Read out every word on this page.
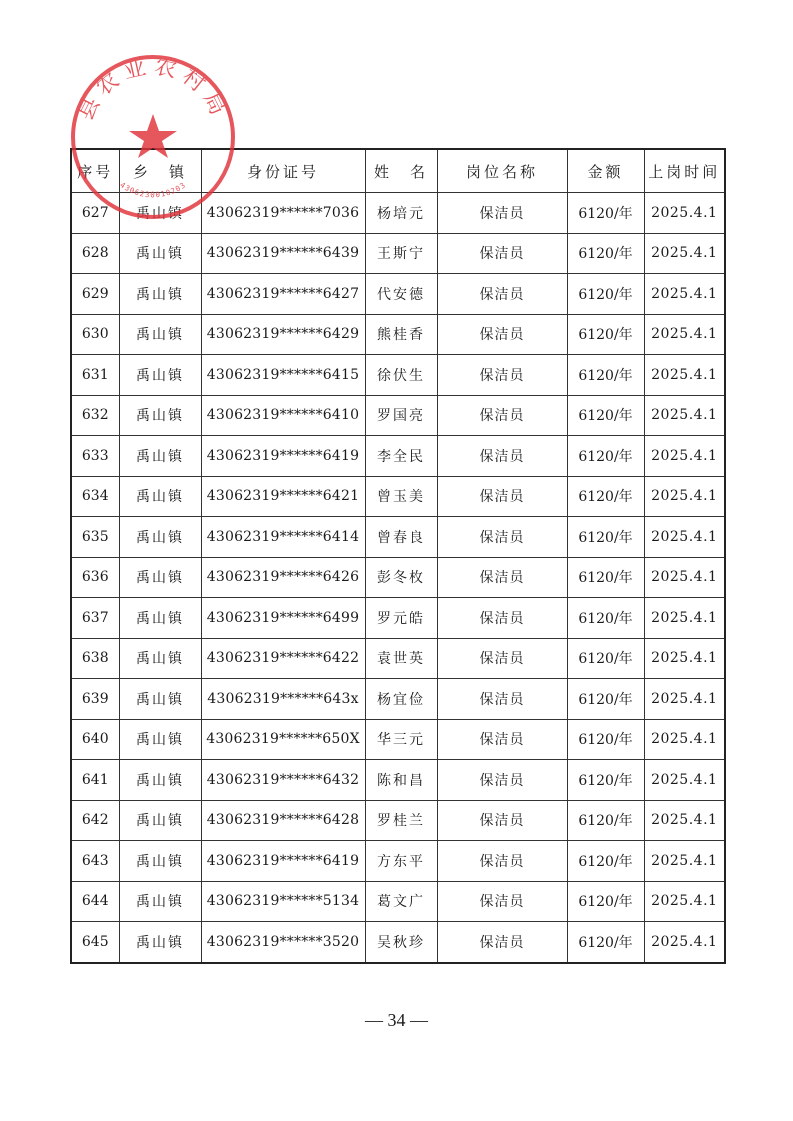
序号	乡　镇	身份证号	姓　名	岗位名称	金额	上岗时间
627	禹山镇	43062319******7036	杨培元	保洁员	6120/年	2025.4.1
628	禹山镇	43062319******6439	王斯宁	保洁员	6120/年	2025.4.1
629	禹山镇	43062319******6427	代安德	保洁员	6120/年	2025.4.1
630	禹山镇	43062319******6429	熊桂香	保洁员	6120/年	2025.4.1
631	禹山镇	43062319******6415	徐伏生	保洁员	6120/年	2025.4.1
632	禹山镇	43062319******6410	罗国亮	保洁员	6120/年	2025.4.1
633	禹山镇	43062319******6419	李全民	保洁员	6120/年	2025.4.1
634	禹山镇	43062319******6421	曾玉美	保洁员	6120/年	2025.4.1
635	禹山镇	43062319******6414	曾春良	保洁员	6120/年	2025.4.1
636	禹山镇	43062319******6426	彭冬枚	保洁员	6120/年	2025.4.1
637	禹山镇	43062319******6499	罗元皓	保洁员	6120/年	2025.4.1
638	禹山镇	43062319******6422	袁世英	保洁员	6120/年	2025.4.1
639	禹山镇	43062319******643x	杨宜俭	保洁员	6120/年	2025.4.1
640	禹山镇	43062319******650X	华三元	保洁员	6120/年	2025.4.1
641	禹山镇	43062319******6432	陈和昌	保洁员	6120/年	2025.4.1
642	禹山镇	43062319******6428	罗桂兰	保洁员	6120/年	2025.4.1
643	禹山镇	43062319******6419	方东平	保洁员	6120/年	2025.4.1
644	禹山镇	43062319******5134	葛文广	保洁员	6120/年	2025.4.1
645	禹山镇	43062319******3520	吴秋珍	保洁员	6120/年	2025.4.1
县农业农村局
4306230010203
— 34 —
